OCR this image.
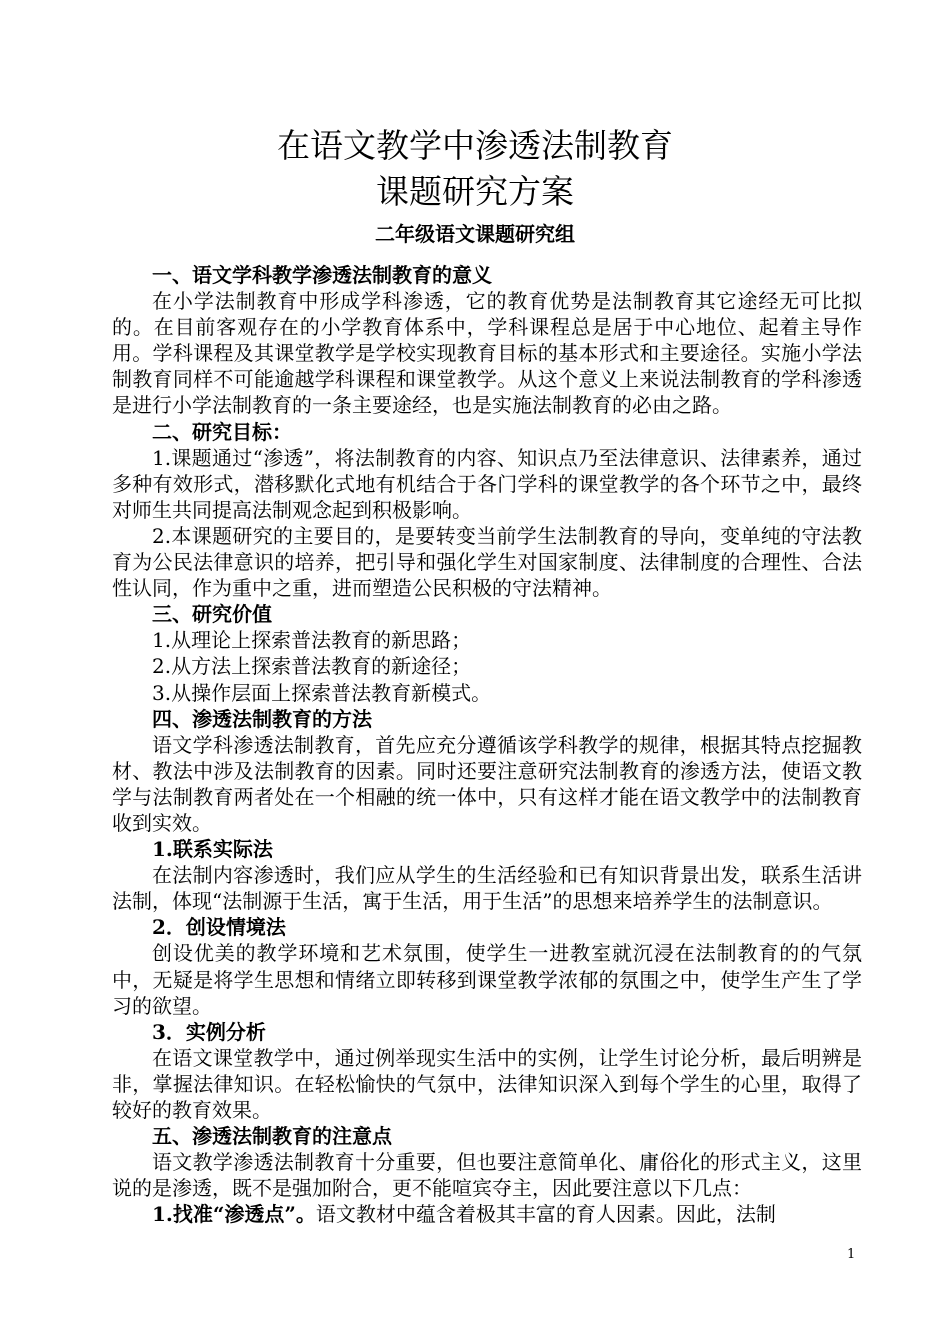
在语文教学中渗透法制教育
课题研究方案
二年级语文课题研究组

一、语文学科教学渗透法制教育的意义

在小学法制教育中形成学科渗透，它的教育优势是法制教育其它途经无可比拟的。在目前客观存在的小学教育体系中，学科课程总是居于中心地位、起着主导作用。学科课程及其课堂教学是学校实现教育目标的基本形式和主要途径。实施小学法制教育同样不可能逾越学科课程和课堂教学。从这个意义上来说法制教育的学科渗透是进行小学法制教育的一条主要途经，也是实施法制教育的必由之路。

二、研究目标：

1.课题通过“渗透”，将法制教育的内容、知识点乃至法律意识、法律素养，通过多种有效形式，潜移默化式地有机结合于各门学科的课堂教学的各个环节之中，最终对师生共同提高法制观念起到积极影响。

2.本课题研究的主要目的，是要转变当前学生法制教育的导向，变单纯的守法教育为公民法律意识的培养，把引导和强化学生对国家制度、法律制度的合理性、合法性认同，作为重中之重，进而塑造公民积极的守法精神。

三、研究价值

1.从理论上探索普法教育的新思路；

2.从方法上探索普法教育的新途径；

3.从操作层面上探索普法教育新模式。

四、渗透法制教育的方法

语文学科渗透法制教育，首先应充分遵循该学科教学的规律，根据其特点挖掘教材、教法中涉及法制教育的因素。同时还要注意研究法制教育的渗透方法，使语文教学与法制教育两者处在一个相融的统一体中，只有这样才能在语文教学中的法制教育收到实效。

1.联系实际法

在法制内容渗透时，我们应从学生的生活经验和已有知识背景出发，联系生活讲法制，体现“法制源于生活，寓于生活，用于生活”的思想来培养学生的法制意识。

2．创设情境法

创设优美的教学环境和艺术氛围，使学生一进教室就沉浸在法制教育的的气氛中，无疑是将学生思想和情绪立即转移到课堂教学浓郁的氛围之中，使学生产生了学习的欲望。

3．实例分析

在语文课堂教学中，通过例举现实生活中的实例，让学生讨论分析，最后明辨是非，掌握法律知识。在轻松愉快的气氛中，法律知识深入到每个学生的心里，取得了较好的教育效果。

五、渗透法制教育的注意点

语文教学渗透法制教育十分重要，但也要注意简单化、庸俗化的形式主义，这里说的是渗透，既不是强加附合，更不能喧宾夺主，因此要注意以下几点：

1.找准“渗透点”。语文教材中蕴含着极其丰富的育人因素。因此，法制

1
